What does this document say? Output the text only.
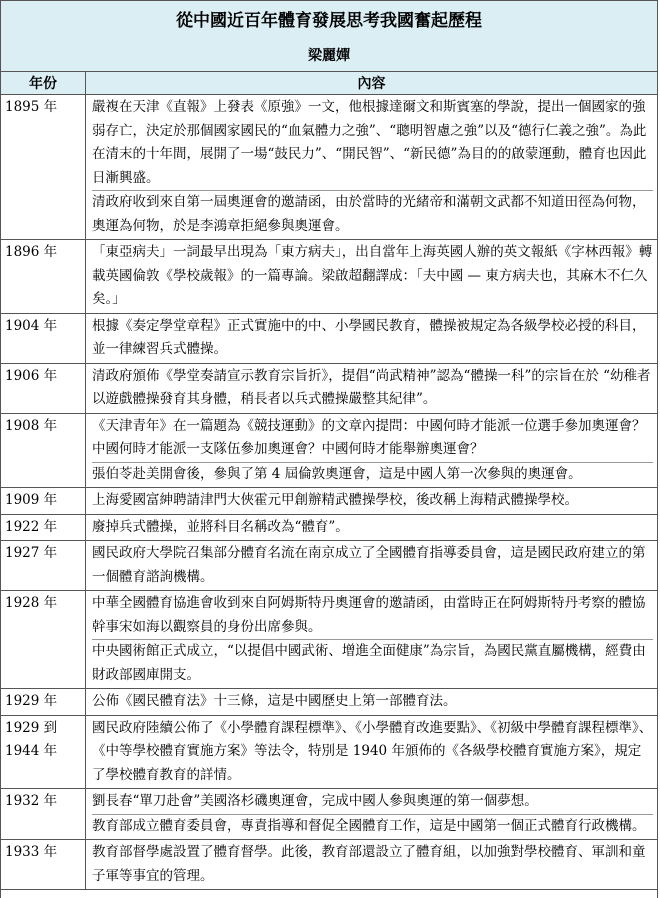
從中國近百年體育發展思考我國奮起歷程
梁麗嬋
年份	內容
1895 年	嚴複在天津《直報》上發表《原強》一文，他根據達爾文和斯賓塞的學說，提出一個國家的強弱存亡，決定於那個國家國民的“血氣體力之強”、“聰明智慮之強”以及“德行仁義之強”。為此在清末的十年間，展開了一場“鼓民力”、“開民智”、“新民德”為目的的啟蒙運動，體育也因此日漸興盛。
清政府收到來自第一屆奧運會的邀請函，由於當時的光緒帝和滿朝文武都不知道田徑為何物，奧運為何物，於是李鴻章拒絕參與奧運會。

1896 年	「東亞病夫」一詞最早出現為「東方病夫」，出自當年上海英國人辦的英文報紙《字林西報》轉載英國倫敦《學校歲報》的一篇專論。梁啟超翻譯成：「夫中國 — 東方病夫也，其麻木不仁久矣。」

1904 年	根據《奏定學堂章程》正式實施中的中、小學國民教育，體操被規定為各級學校必授的科目，並一律練習兵式體操。

1906 年	清政府頒佈《學堂奏請宣示教育宗旨折》，提倡“尚武精神”認為“體操一科”的宗旨在於 “幼稚者以遊戲體操發育其身體，稍長者以兵式體操嚴整其紀律”。

1908 年	《天津青年》在一篇題為《競技運動》的文章內提問：中國何時才能派一位選手參加奧運會？中國何時才能派一支隊伍參加奧運會？中國何時才能舉辦奧運會？
張伯苓赴美開會後，參與了第 4 屆倫敦奧運會，這是中國人第一次參與的奧運會。

1909 年	上海愛國富紳聘請津門大俠霍元甲創辦精武體操學校，後改稱上海精武體操學校。

1922 年	廢掉兵式體操，並將科目名稱改為“體育”。

1927 年	國民政府大學院召集部分體育名流在南京成立了全國體育指導委員會，這是國民政府建立的第一個體育諮詢機構。

1928 年	中華全國體育協進會收到來自阿姆斯特丹奧運會的邀請函，由當時正在阿姆斯特丹考察的體協幹事宋如海以觀察員的身份出席參與。
中央國術館正式成立，“以提倡中國武術、增進全面健康”為宗旨，為國民黨直屬機構，經費由財政部國庫開支。

1929 年	公佈《國民體育法》十三條，這是中國歷史上第一部體育法。

1929 到
1944 年	國民政府陸續公佈了《小學體育課程標準》、《小學體育改進要點》、《初級中學體育課程標準》、《中等學校體育實施方案》等法令，特別是 1940 年頒佈的《各級學校體育實施方案》，規定了學校體育教育的詳情。

1932 年	劉長春“單刀赴會”美國洛杉磯奧運會，完成中國人參與奧運的第一個夢想。
教育部成立體育委員會，專責指導和督促全國體育工作，這是中國第一個正式體育行政機構。

1933 年	教育部督學處設置了體育督學。此後，教育部還設立了體育組，以加強對學校體育、軍訓和童子軍等事宜的管理。
